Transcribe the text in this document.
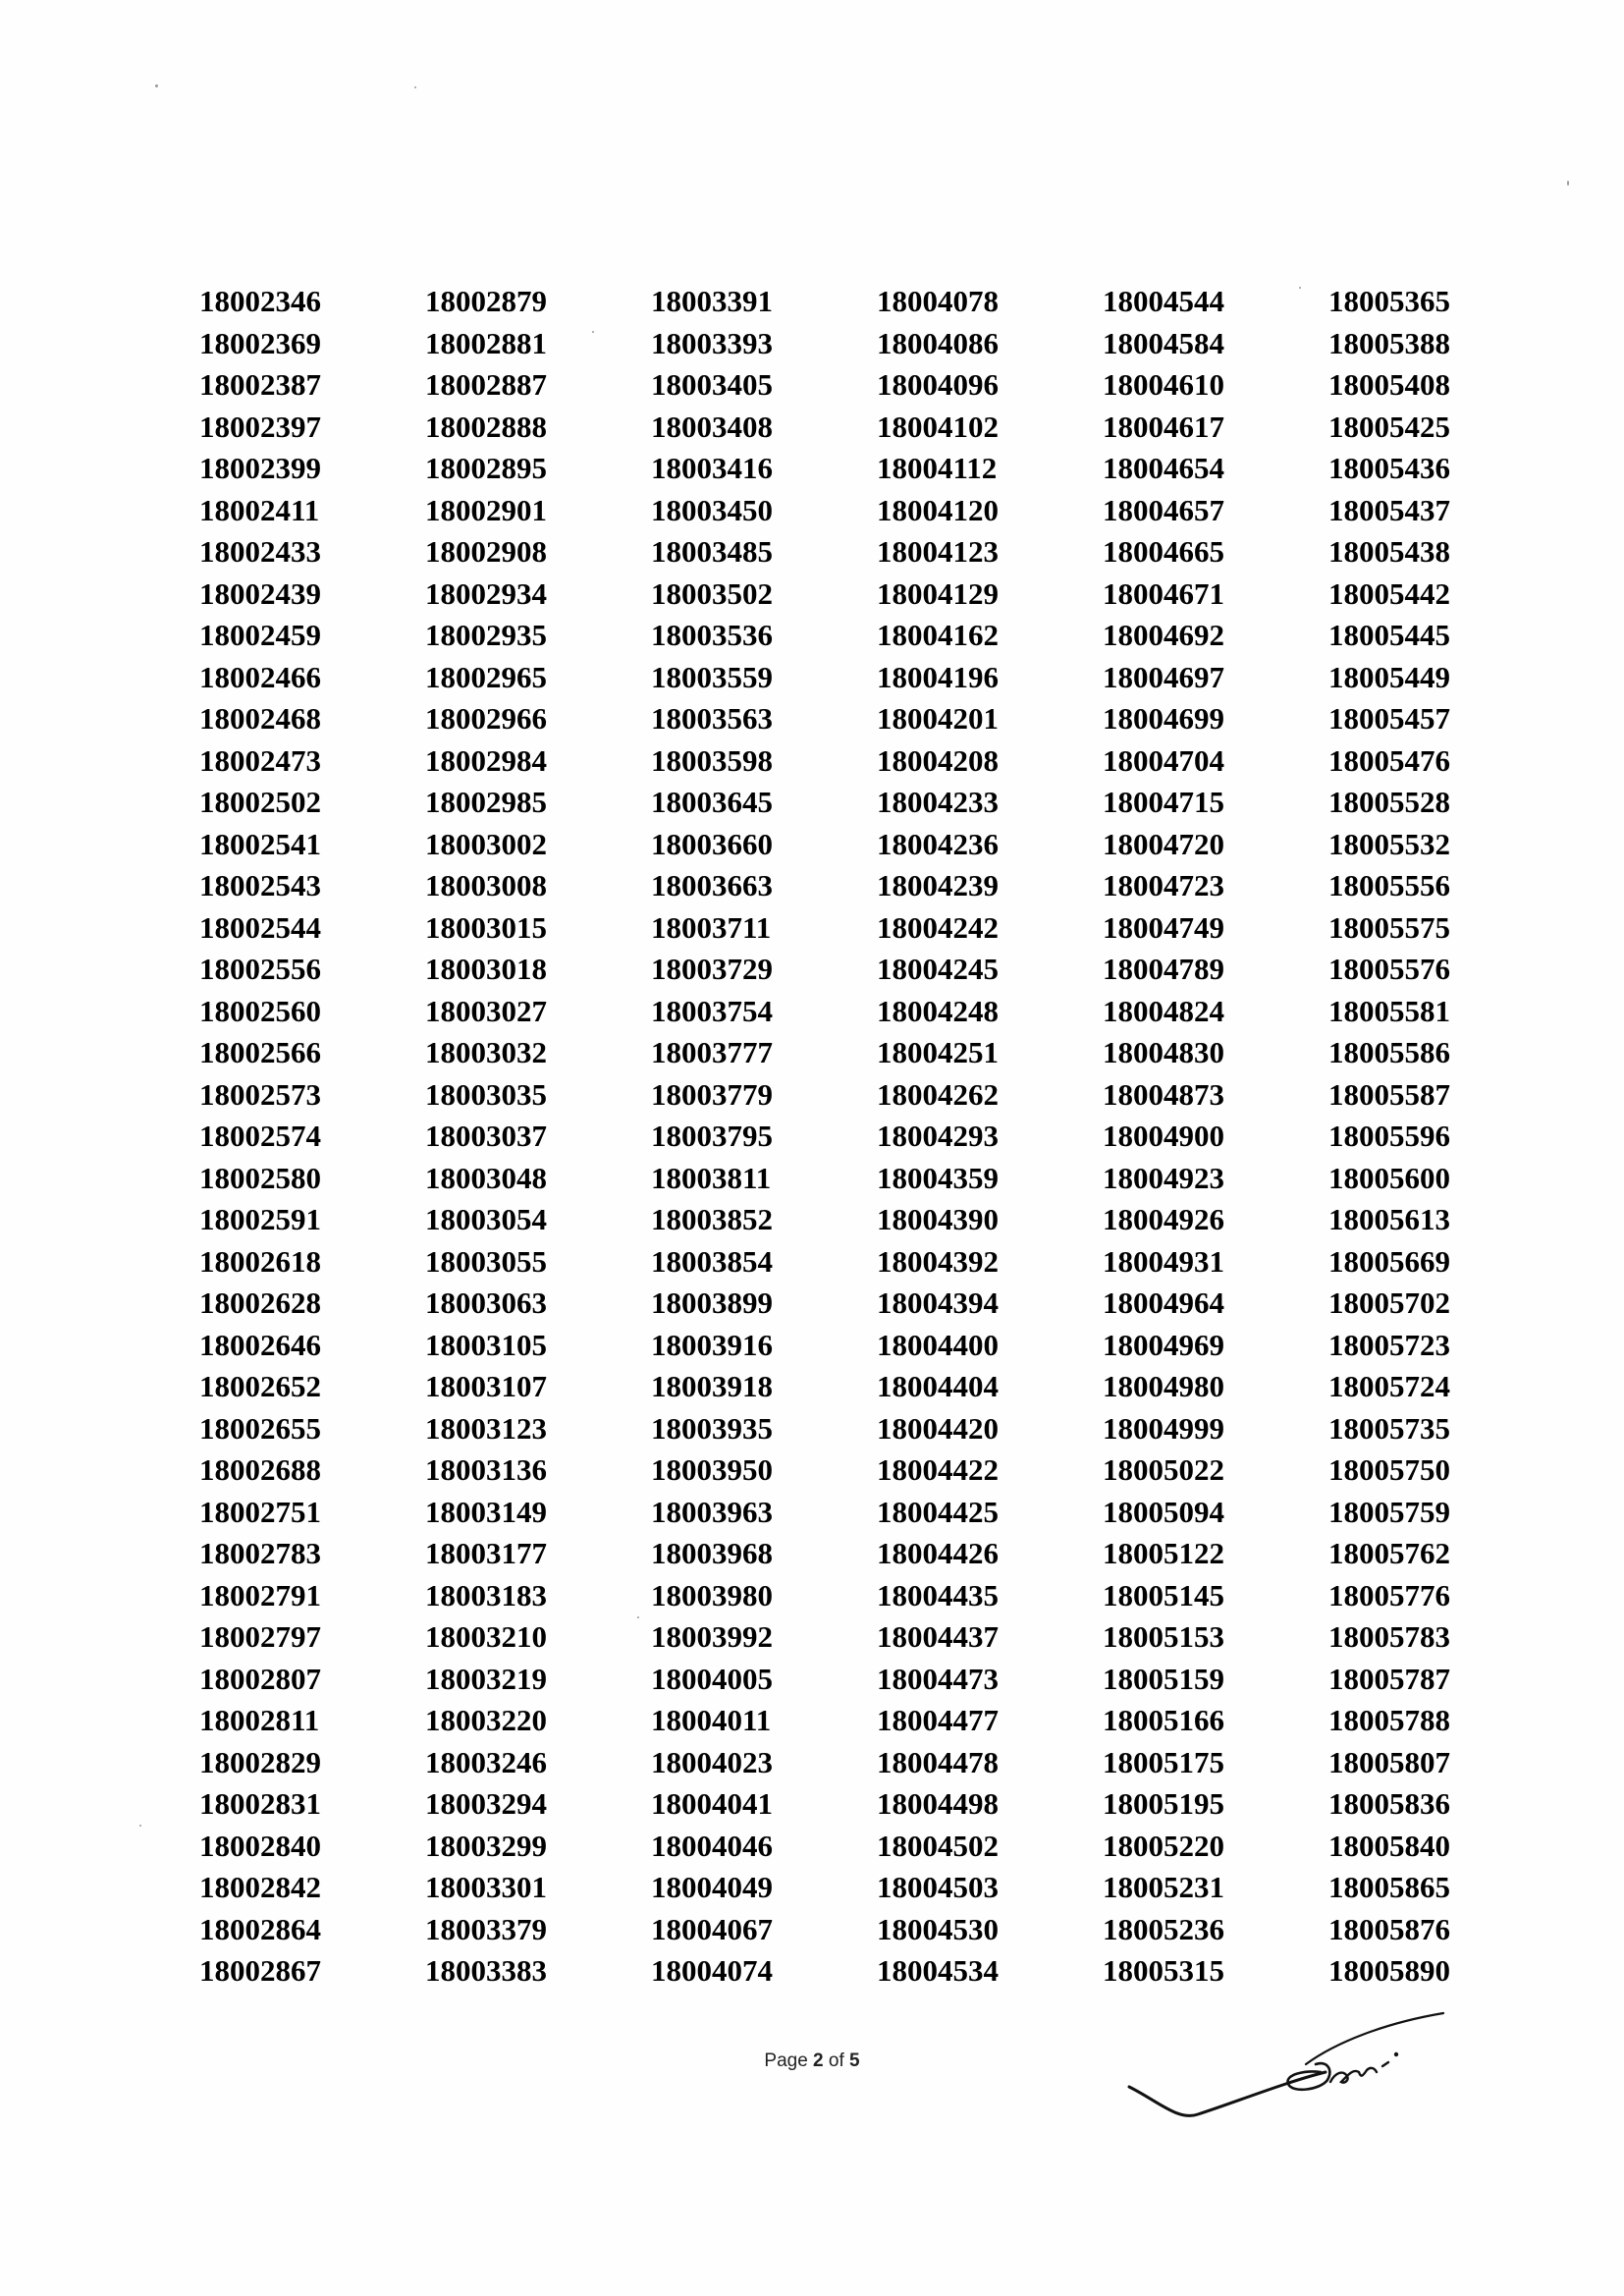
18002346
18002369
18002387
18002397
18002399
18002411
18002433
18002439
18002459
18002466
18002468
18002473
18002502
18002541
18002543
18002544
18002556
18002560
18002566
18002573
18002574
18002580
18002591
18002618
18002628
18002646
18002652
18002655
18002688
18002751
18002783
18002791
18002797
18002807
18002811
18002829
18002831
18002840
18002842
18002864
18002867
18002879
18002881
18002887
18002888
18002895
18002901
18002908
18002934
18002935
18002965
18002966
18002984
18002985
18003002
18003008
18003015
18003018
18003027
18003032
18003035
18003037
18003048
18003054
18003055
18003063
18003105
18003107
18003123
18003136
18003149
18003177
18003183
18003210
18003219
18003220
18003246
18003294
18003299
18003301
18003379
18003383
18003391
18003393
18003405
18003408
18003416
18003450
18003485
18003502
18003536
18003559
18003563
18003598
18003645
18003660
18003663
18003711
18003729
18003754
18003777
18003779
18003795
18003811
18003852
18003854
18003899
18003916
18003918
18003935
18003950
18003963
18003968
18003980
18003992
18004005
18004011
18004023
18004041
18004046
18004049
18004067
18004074
18004078
18004086
18004096
18004102
18004112
18004120
18004123
18004129
18004162
18004196
18004201
18004208
18004233
18004236
18004239
18004242
18004245
18004248
18004251
18004262
18004293
18004359
18004390
18004392
18004394
18004400
18004404
18004420
18004422
18004425
18004426
18004435
18004437
18004473
18004477
18004478
18004498
18004502
18004503
18004530
18004534
18004544
18004584
18004610
18004617
18004654
18004657
18004665
18004671
18004692
18004697
18004699
18004704
18004715
18004720
18004723
18004749
18004789
18004824
18004830
18004873
18004900
18004923
18004926
18004931
18004964
18004969
18004980
18004999
18005022
18005094
18005122
18005145
18005153
18005159
18005166
18005175
18005195
18005220
18005231
18005236
18005315
18005365
18005388
18005408
18005425
18005436
18005437
18005438
18005442
18005445
18005449
18005457
18005476
18005528
18005532
18005556
18005575
18005576
18005581
18005586
18005587
18005596
18005600
18005613
18005669
18005702
18005723
18005724
18005735
18005750
18005759
18005762
18005776
18005783
18005787
18005788
18005807
18005836
18005840
18005865
18005876
18005890
Page 2 of 5
